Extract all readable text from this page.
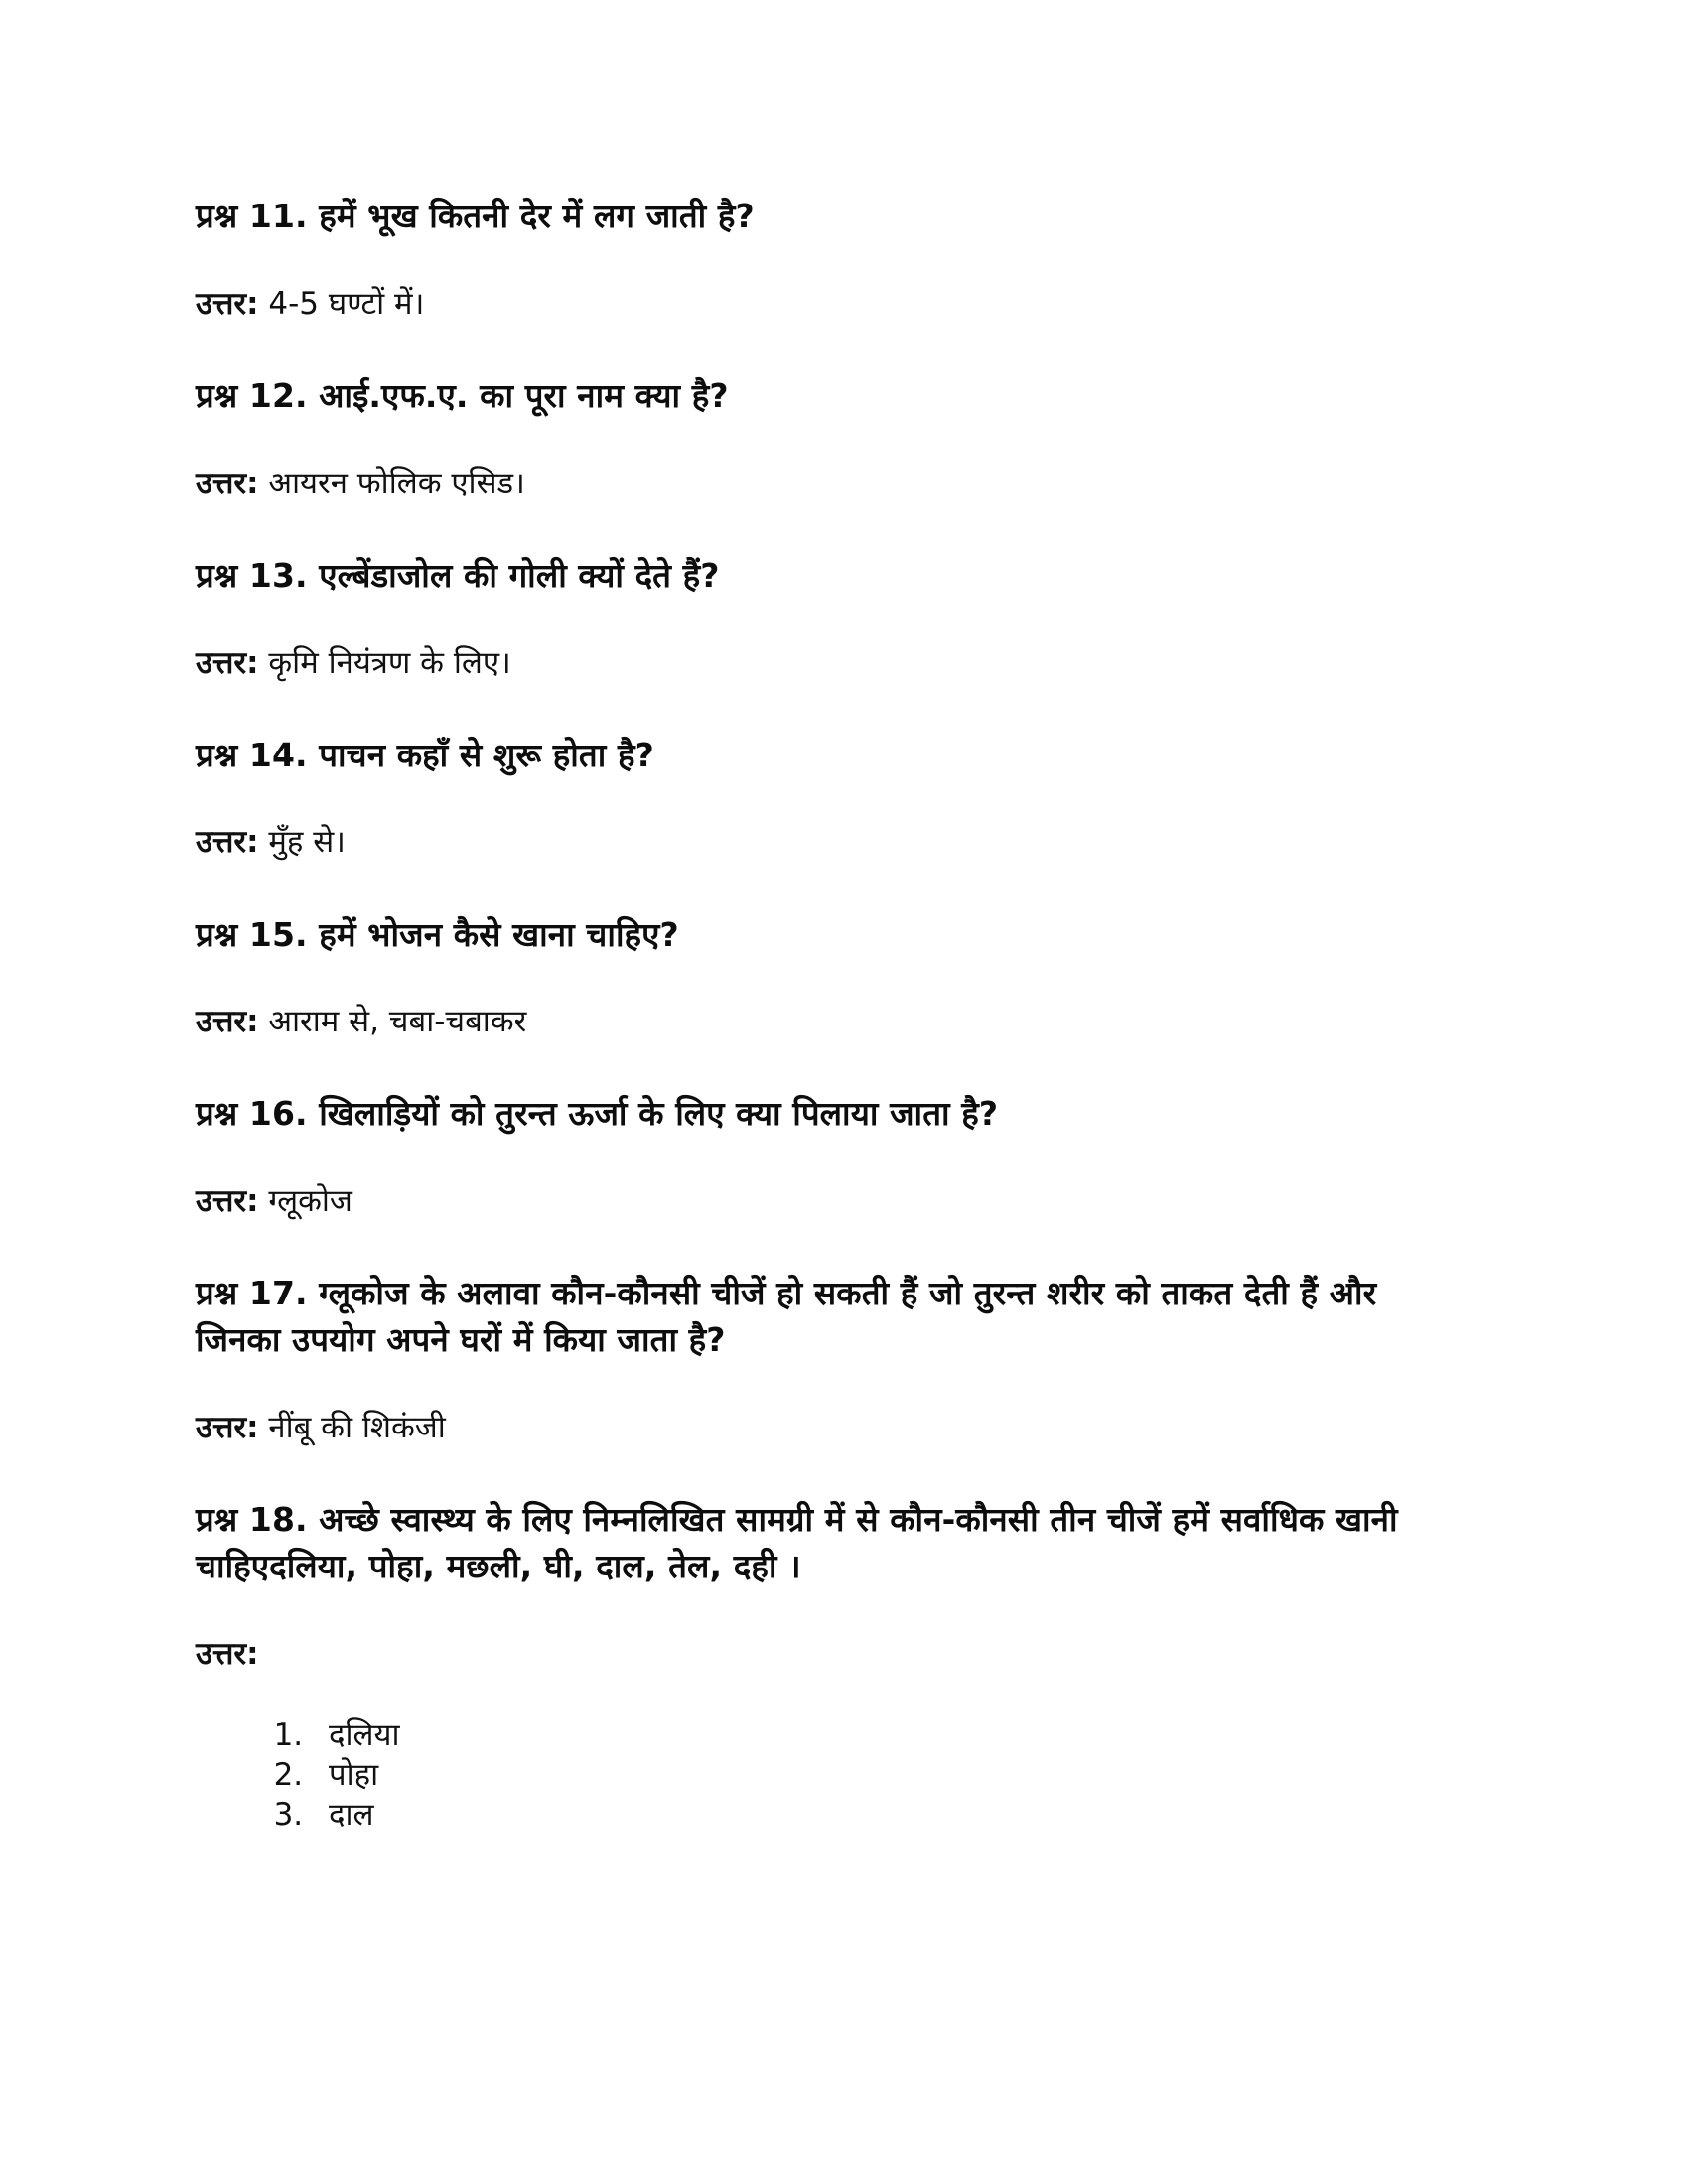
प्रश्न 11. हमें भूख कितनी देर में लग जाती है?

उत्तर: 4-5 घण्टों में।

प्रश्न 12. आई.एफ.ए. का पूरा नाम क्या है?

उत्तर: आयरन फोलिक एसिड।

प्रश्न 13. एल्बेंडाजोल की गोली क्यों देते हैं?

उत्तर: कृमि नियंत्रण के लिए।

प्रश्न 14. पाचन कहाँ से शुरू होता है?

उत्तर: मुँह से।

प्रश्न 15. हमें भोजन कैसे खाना चाहिए?

उत्तर: आराम से, चबा-चबाकर

प्रश्न 16. खिलाड़ियों को तुरन्त ऊर्जा के लिए क्या पिलाया जाता है?

उत्तर: ग्लूकोज

प्रश्न 17. ग्लूकोज के अलावा कौन-कौनसी चीजें हो सकती हैं जो तुरन्त शरीर को ताकत देती हैं और जिनका उपयोग अपने घरों में किया जाता है?

उत्तर: नींबू की शिकंजी

प्रश्न 18. अच्छे स्वास्थ्य के लिए निम्नलिखित सामग्री में से कौन-कौनसी तीन चीजें हमें सर्वाधिक खानी चाहिएदलिया, पोहा, मछली, घी, दाल, तेल, दही ।

उत्तर:

1. दलिया
2. पोहा
3. दाल
